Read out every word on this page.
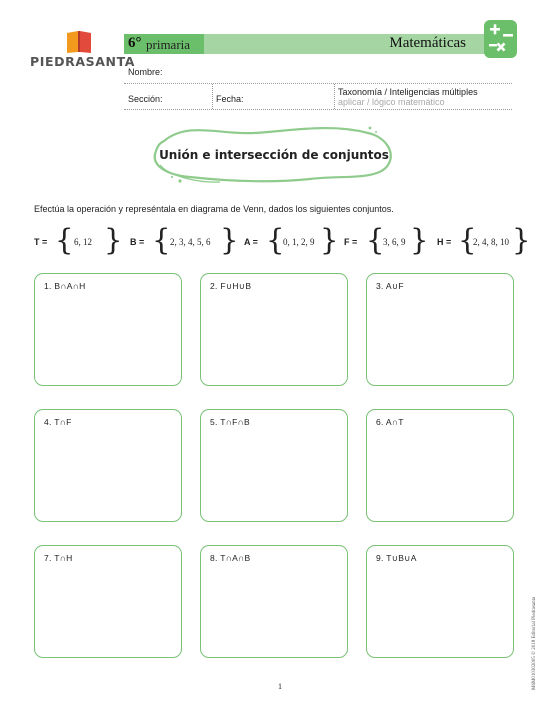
PIEDRASANTA
6° primaria	Matemáticas
Nombre:
Sección:	Fecha:
Taxonomía / Inteligencias múltiples
aplicar / lógico matemático
Unión e intersección de conjuntos
Efectúa la operación y represéntala en diagrama de Venn, dados los siguientes conjuntos.
T = { 6, 12 } B = { 2, 3, 4, 5, 6 } A = {
0, 1, 2, 9 } F = {
3, 6, 9 } H = {
2, 4, 8, 10 }
1. B∩A∩H	2. F∪H∪B	3. A∪F
4. T∩F	5. T∩F∩B	6. A∩T
7. T∩H	8. T∩A∩B	9. T∪B∪A
1	M6M010302005 © 2018 Editorial Piedrasanta
